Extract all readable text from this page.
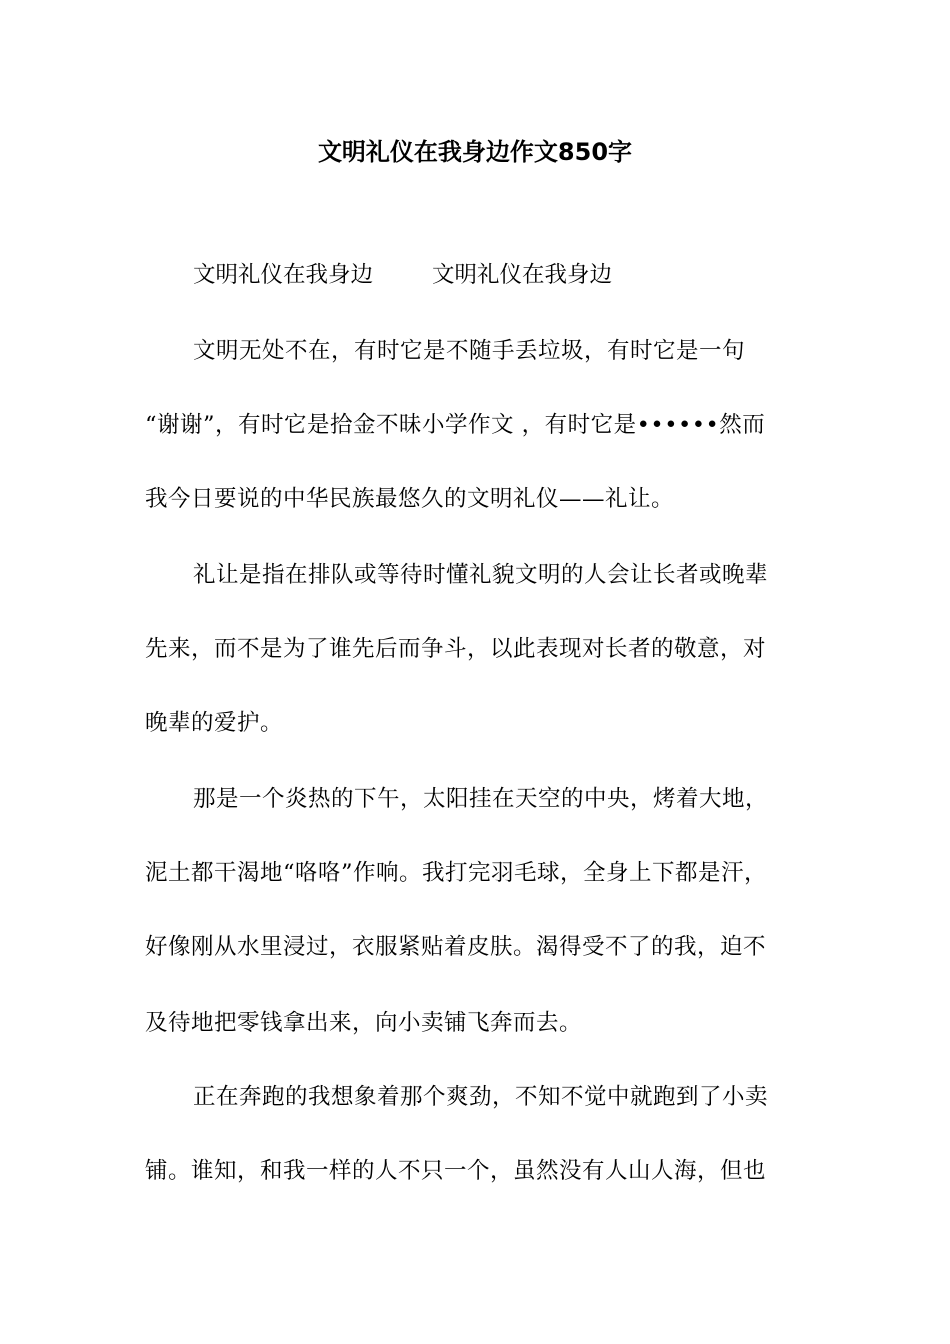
文明礼仪在我身边作文850字
文明礼仪在我身边	文明礼仪在我身边
文明无处不在，有时它是不随手丢垃圾，有时它是一句
“谢谢”，有时它是拾金不昧小学作文 ，有时它是••••••然而
我今日要说的中华民族最悠久的文明礼仪——礼让。
礼让是指在排队或等待时懂礼貌文明的人会让长者或晚辈
先来，而不是为了谁先后而争斗，以此表现对长者的敬意，对
晚辈的爱护。
那是一个炎热的下午，太阳挂在天空的中央，烤着大地，
泥土都干渴地“咯咯”作响。我打完羽毛球，全身上下都是汗，
好像刚从水里浸过，衣服紧贴着皮肤。渴得受不了的我，迫不
及待地把零钱拿出来，向小卖铺飞奔而去。
正在奔跑的我想象着那个爽劲，不知不觉中就跑到了小卖
铺。谁知，和我一样的人不只一个，虽然没有人山人海，但也
